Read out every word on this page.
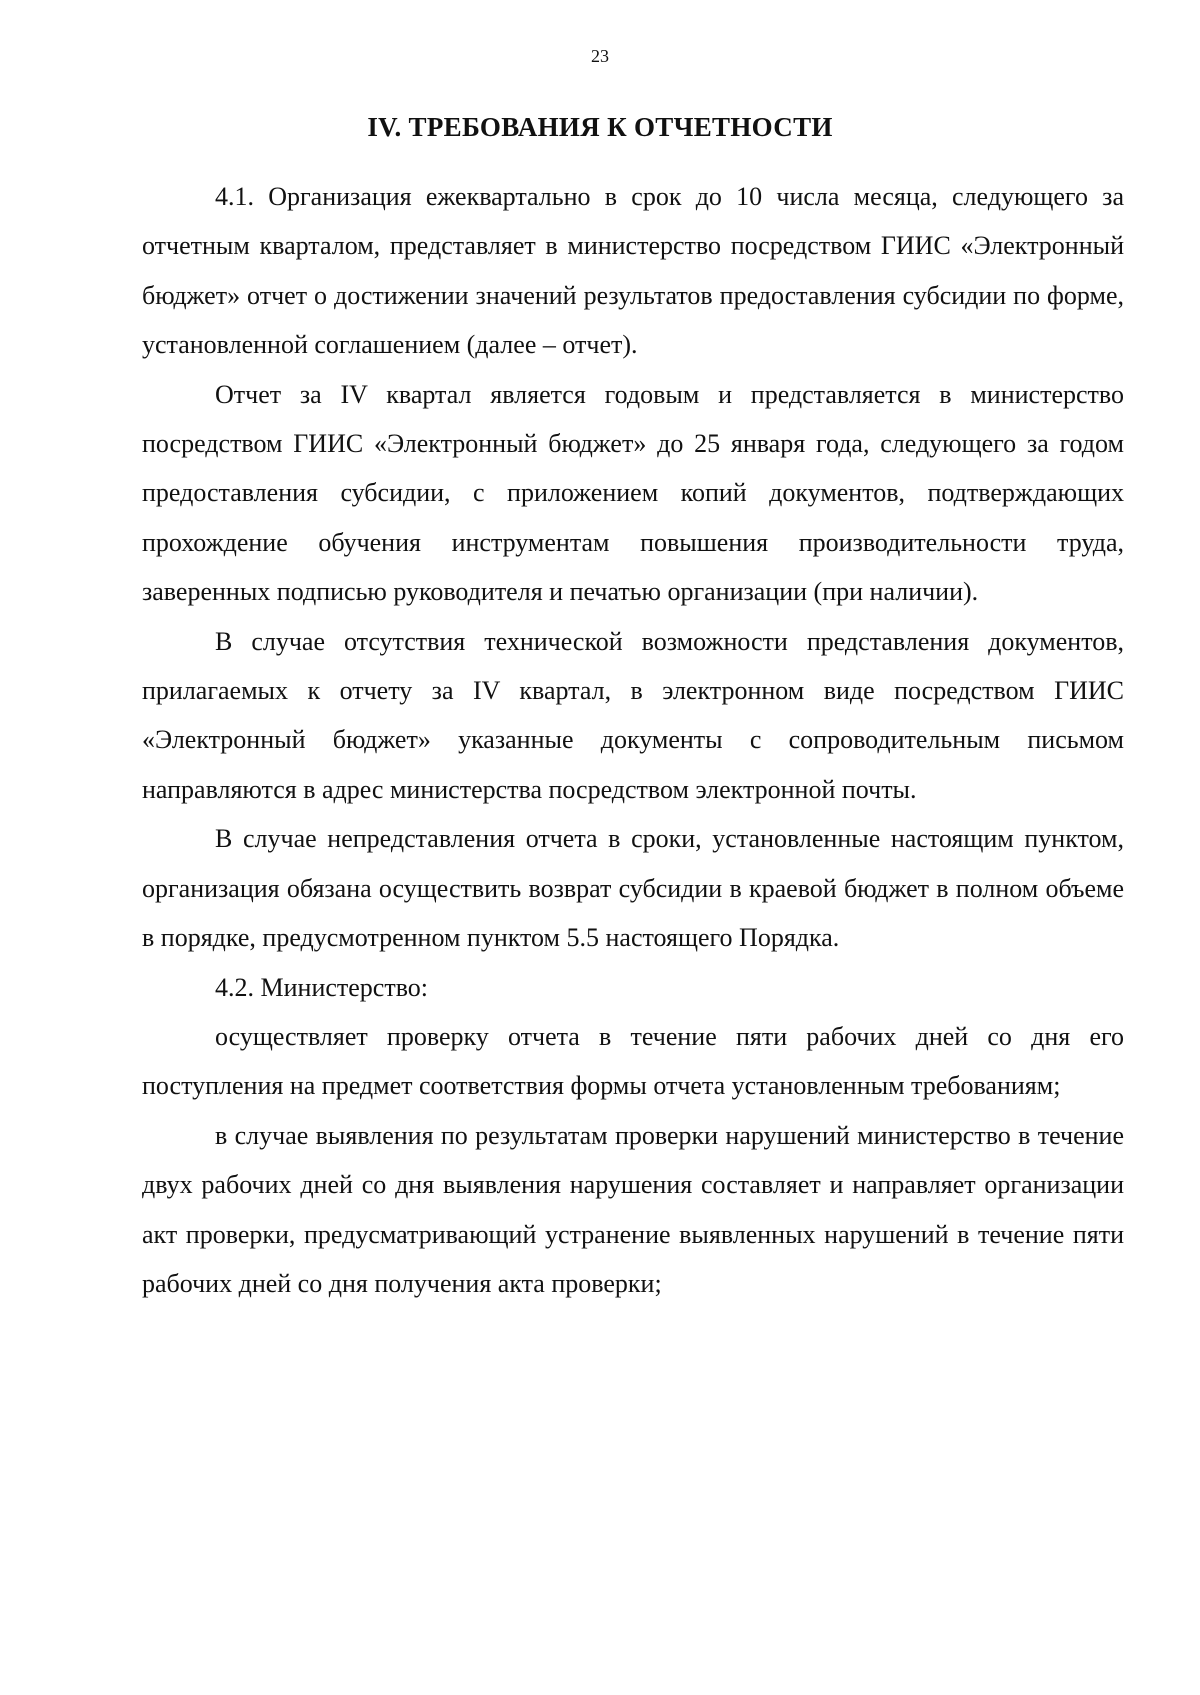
23
IV. ТРЕБОВАНИЯ К ОТЧЕТНОСТИ

4.1. Организация ежеквартально в срок до 10 числа месяца, следующего за отчетным кварталом, представляет в министерство посредством ГИИС «Электронный бюджет» отчет о достижении значений результатов предоставления субсидии по форме, установленной соглашением (далее – отчет).

Отчет за IV квартал является годовым и представляется в министерство посредством ГИИС «Электронный бюджет» до 25 января года, следующего за годом предоставления субсидии, с приложением копий документов, подтверждающих прохождение обучения инструментам повышения производительности труда, заверенных подписью руководителя и печатью организации (при наличии).

В случае отсутствия технической возможности представления документов, прилагаемых к отчету за IV квартал, в электронном виде посредством ГИИС «Электронный бюджет» указанные документы с сопроводительным письмом направляются в адрес министерства посредством электронной почты.

В случае непредставления отчета в сроки, установленные настоящим пунктом, организация обязана осуществить возврат субсидии в краевой бюджет в полном объеме в порядке, предусмотренном пунктом 5.5 настоящего Порядка.

4.2. Министерство:

осуществляет проверку отчета в течение пяти рабочих дней со дня его поступления на предмет соответствия формы отчета установленным требованиям;

в случае выявления по результатам проверки нарушений министерство в течение двух рабочих дней со дня выявления нарушения составляет и направляет организации акт проверки, предусматривающий устранение выявленных нарушений в течение пяти рабочих дней со дня получения акта проверки;
